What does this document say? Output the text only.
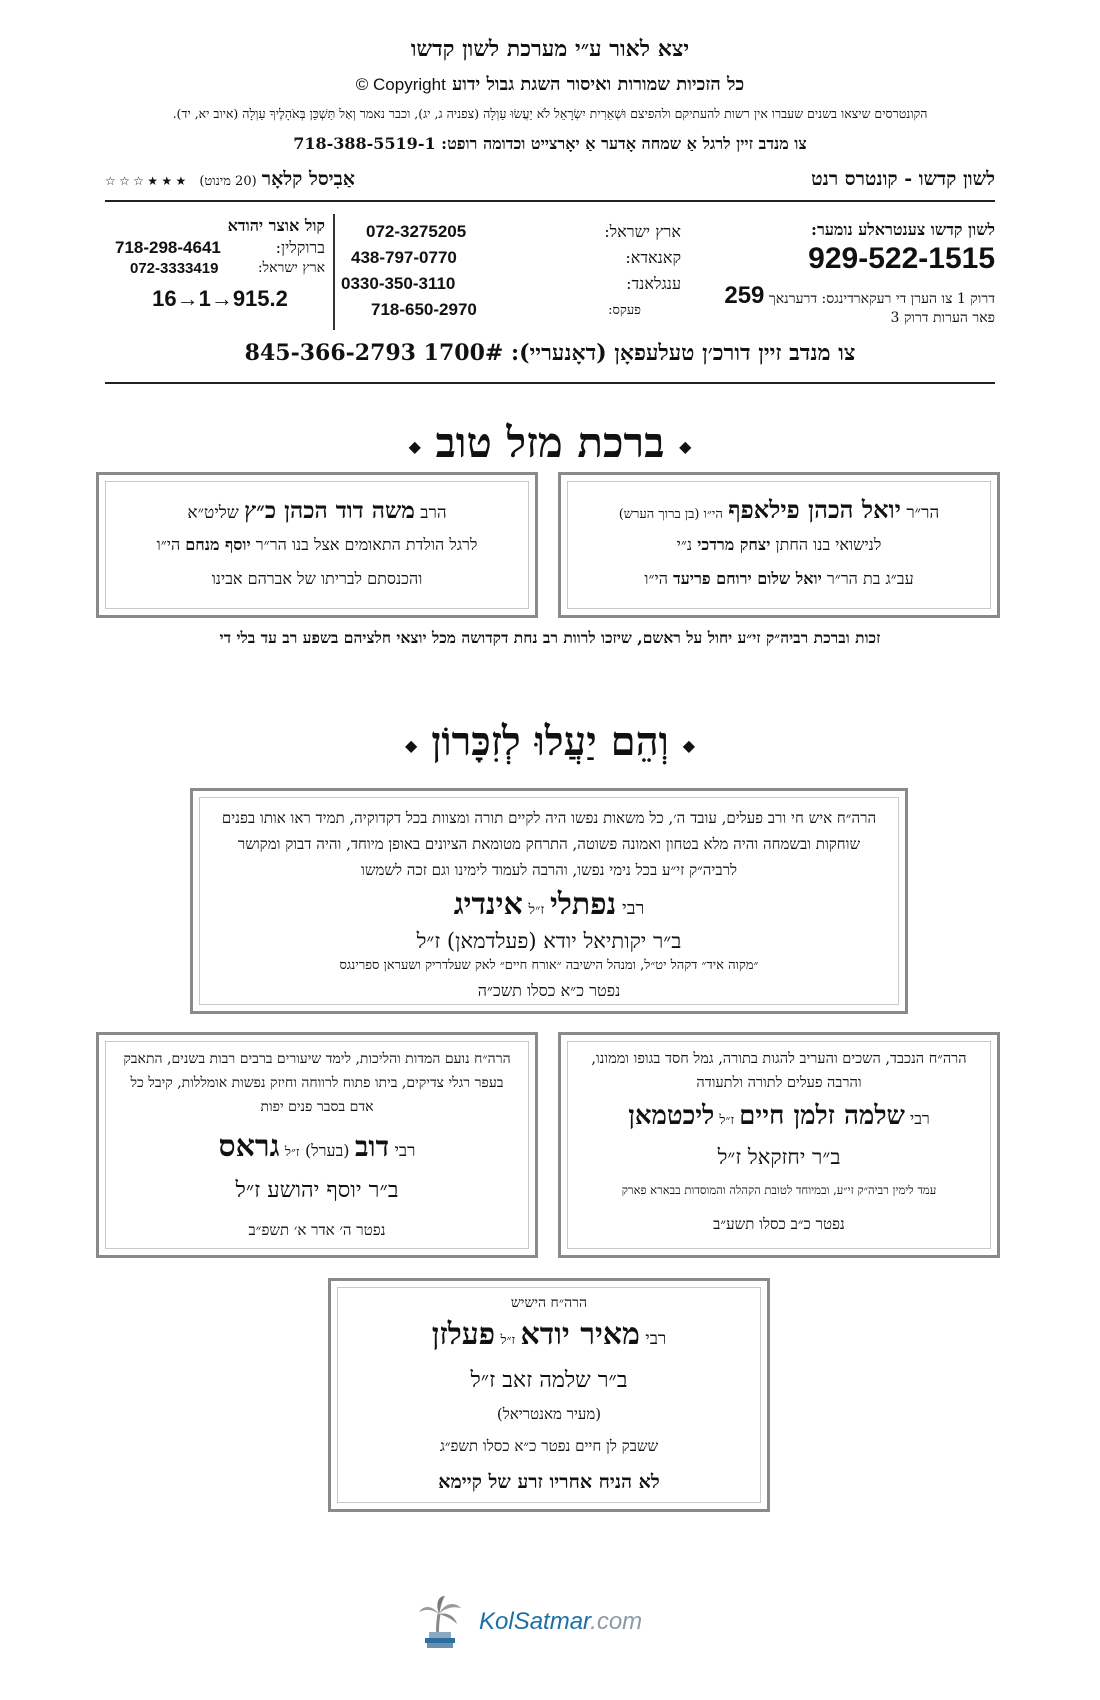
יצא לאור ע״י מערכת לשון קדשו
כל הזכיות שמורות ואיסור השגת גבול ידוע Copyright ©
הקונטרסים שיצאו בשנים שעברו אין רשות להעתיקם ולהפיצם וּשְׁאֵרִית יִשְׂרָאֵל לֹא יַעֲשׂוּ עַוְלָה (צפניה ג, יג), וכבר נאמר וְאַל תַּשְׁכֵּן בְּאֹהָלֶיךָ עַוְלָה (איוב יא, יד).
צו מנדב זיין לרגל אַ שמחה אָדער אַ יאָרצייט וכדומה רופט: 718-388-5519-1
לשון קדשו - קונטרס רנט
אַבִיסל קלאָר (20 מינוט) ★ ★ ★ ☆ ☆ ☆
לשון קדשו צענטראלע נומער:
929-522-1515
דרוק 1 צו הערן די רעקארדינגס: דרערנאך 259
פאר הערות דרוק 3
ארץ ישראל:
072-3275205
קאנאדא:
438-797-0770
ענגלאנד:
0330-350-3110
פעקס:
718-650-2970
קול אוצר יהודא
ברוקלין:
718-298-4641
ארץ ישראל:
072-3333419
16→1→915.2
צו מנדב זיין דורכ׳ן טעלעפאָן (דאָנעריי): 1700# 845-366-2793
◆ ברכת מזל טוב ◆
הר״ר יואל הכהן פילאפף הי״ו (בן ברוך הערש)
לנישואי בנו החתן יצחק מרדכי נ״י
עב״ג בת הר״ר יואל שלום ירוחם פריעד הי״ו
הרב משה דוד הכהן כ״ץ שליט״א
לרגל הולדת התאומים אצל בנו הר״ר יוסף מנחם הי״ו
והכנסתם לבריתו של אברהם אבינו
זכות וברכת רביה״ק זי״ע יחול על ראשם, שיזכו לרוות רב נחת דקדושה מכל יוצאי חלציהם בשפע רב עד בלי די
◆ וְהֵם יַעֲלוּ לְזִכָּרוֹן ◆
הרה״ח איש חי ורב פעלים, עובד ה׳, כל משאות נפשו היה לקיים תורה ומצוות בכל דקדוקיה, תמיד ראו אותו בפנים שוחקות ובשמחה והיה מלא בטחון ואמונה פשוטה, התרחק מטומאת הציונים באופן מיוחד, והיה דבוק ומקושר לרביה״ק זי״ע בכל נימי נפשו, והרבה לעמוד לימינו וגם זכה לשמשו
רבי נפתלי ז״ל אינדיג
ב״ר יקותיאל יודא (פעלדמאן) ז״ל
״מקוה איד״ דקהל יט״ל, ומנהל הישיבה ״אורח חיים״ לאק שעלדריק ושעראן ספרינגס
נפטר כ״א כסלו תשכ״ה
הרה״ח הנכבד, השכים והעריב להגות בתורה, גמל חסד בגופו וממונו, והרבה פעלים לתורה ולתעודה
רבי שלמה זלמן חיים ז״ל ליכטמאן
ב״ר יחזקאל ז״ל
עמד לימין רביה״ק זי״ע, ובמיוחד לטובת הקהלה והמוסדות בבארא פארק
נפטר כ״ב כסלו תשע״ב
הרה״ח נועם המדות והליכות, לימד שיעורים ברבים רבות בשנים, התאבק בעפר רגלי צדיקים, ביתו פתוח לרווחה וחיזק נפשות אומללות, קיבל כל אדם בסבר פנים יפות
רבי דוב (בערל) ז״ל גראס
ב״ר יוסף יהושע ז״ל
נפטר ה׳ אדר א׳ תשפ״ב
הרה״ח הישיש
רבי מאיר יודא ז״ל פעלזן
ב״ר שלמה זאב ז״ל
(מעיר מאנטריאל)
ששבק לן חיים נפטר כ״א כסלו תשפ״ג
לא הניח אחריו זרע של קיימא
KolSatmar.com
